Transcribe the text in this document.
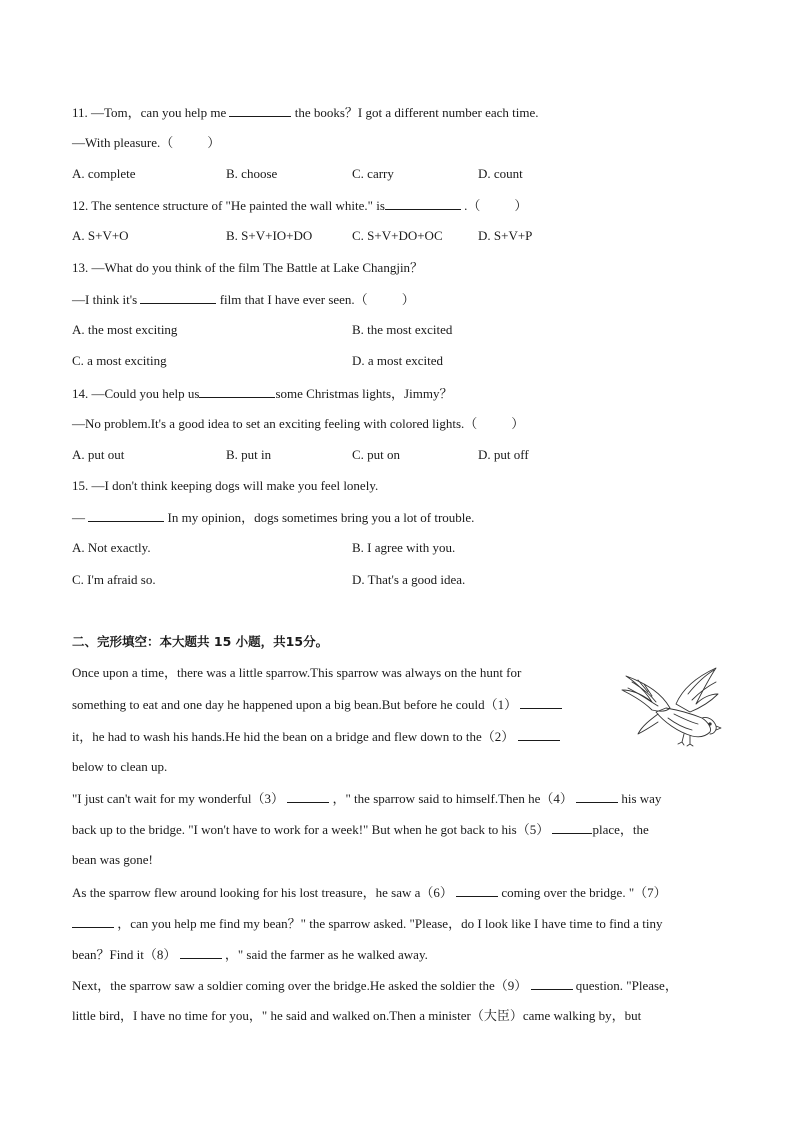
11. —Tom，can you help me	the books？I got a different number each time.
—With pleasure.（	）
A. complete	B. choose	C. carry	D. count
12. The sentence structure of "He painted the wall white." is	.（	）
A. S+V+O	B. S+V+IO+DO	C. S+V+DO+OC	D. S+V+P
13. —What do you think of the film The Battle at Lake Changjin？
—I think it's	film that I have ever seen.（	）
A. the most exciting	B. the most excited
C. a most exciting	D. a most excited
14. —Could you help us	some Christmas lights，Jimmy？
—No problem.It's a good idea to set an exciting feeling with colored lights.（	）
A. put out	B. put in	C. put on	D. put off
15. —I don't think keeping dogs will make you feel lonely.
—	In my opinion，dogs sometimes bring you a lot of trouble.
A. Not exactly.	B. I agree with you.
C. I'm afraid so.	D. That's a good idea.
二、完形填空：本大题共 15 小题，共15分。
Once upon a time，there was a little sparrow.This sparrow was always on the hunt for
something to eat and one day he happened upon a big bean.But before he could（1）
it，he had to wash his hands.He hid the bean on a bridge and flew down to the（2）
below to clean up.
"I just can't wait for my wonderful（3）	，" the sparrow said to himself.Then he（4）	his way
back up to the bridge. "I won't have to work for a week!" But when he got back to his（5）	place，the
bean was gone!
As the sparrow flew around looking for his lost treasure，he saw a（6）	coming over the bridge. "（7）
，can you help me find my bean？" the sparrow asked. "Please，do I look like I have time to find a tiny
bean？Find it（8）	，" said the farmer as he walked away.
Next，the sparrow saw a soldier coming over the bridge.He asked the soldier the（9）	question. "Please，
little bird，I have no time for you，" he said and walked on.Then a minister（大臣）came walking by，but
